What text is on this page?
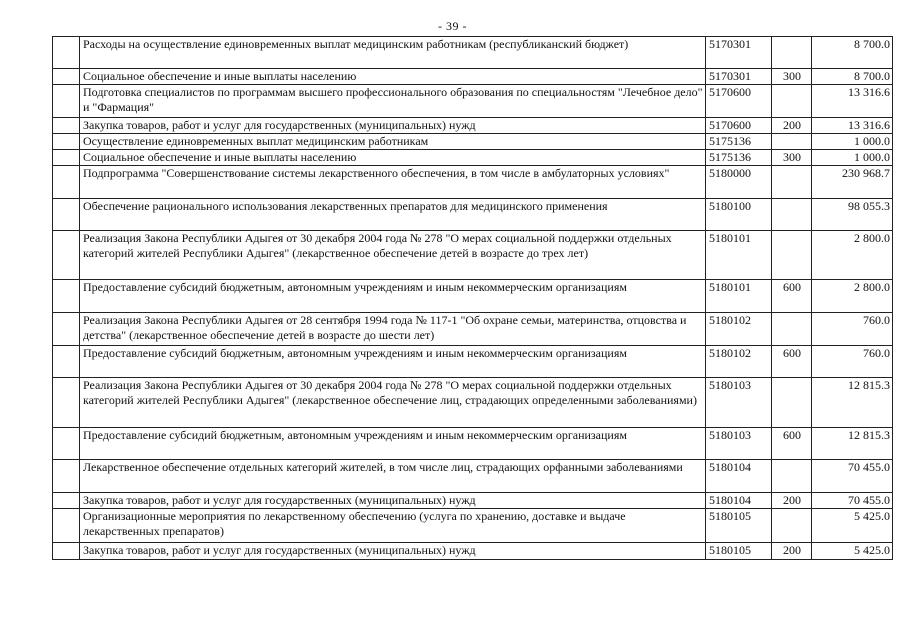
- 39 -
	Расходы на осуществление единовременных выплат медицинским работникам (республиканский бюджет)	5170301		8 700.0
	Социальное обеспечение и иные выплаты населению	5170301	300	8 700.0
	Подготовка специалистов по программам высшего профессионального образования по специальностям "Лечебное дело" и "Фармация"	5170600		13 316.6
	Закупка товаров, работ и услуг для государственных (муниципальных) нужд	5170600	200	13 316.6
	Осуществление единовременных выплат медицинским работникам	5175136		1 000.0
	Социальное обеспечение и иные выплаты населению	5175136	300	1 000.0
	Подпрограмма "Совершенствование системы лекарственного обеспечения, в том числе в амбулаторных условиях"	5180000		230 968.7
	Обеспечение рационального использования лекарственных препаратов для медицинского применения	5180100		98 055.3
	Реализация Закона Республики Адыгея от 30 декабря 2004 года № 278 "О мерах социальной поддержки отдельных категорий жителей Республики Адыгея" (лекарственное обеспечение детей в возрасте до трех лет)	5180101		2 800.0
	Предоставление субсидий бюджетным, автономным учреждениям и иным некоммерческим организациям	5180101	600	2 800.0
	Реализация Закона Республики Адыгея от 28 сентября 1994 года № 117-1 "Об охране семьи, материнства, отцовства и детства" (лекарственное обеспечение детей в возрасте до шести лет)	5180102		760.0
	Предоставление субсидий бюджетным, автономным учреждениям и иным некоммерческим организациям	5180102	600	760.0
	Реализация Закона Республики Адыгея от 30 декабря 2004 года № 278 "О мерах социальной поддержки отдельных категорий жителей Республики Адыгея" (лекарственное обеспечение лиц, страдающих определенными заболеваниями)	5180103		12 815.3
	Предоставление субсидий бюджетным, автономным учреждениям и иным некоммерческим организациям	5180103	600	12 815.3
	Лекарственное обеспечение отдельных категорий жителей, в том числе лиц, страдающих орфанными заболеваниями	5180104		70 455.0
	Закупка товаров, работ и услуг для государственных (муниципальных) нужд	5180104	200	70 455.0
	Организационные мероприятия по лекарственному обеспечению (услуга по хранению, доставке и выдаче лекарственных препаратов)	5180105		5 425.0
	Закупка товаров, работ и услуг для государственных (муниципальных) нужд	5180105	200	5 425.0
